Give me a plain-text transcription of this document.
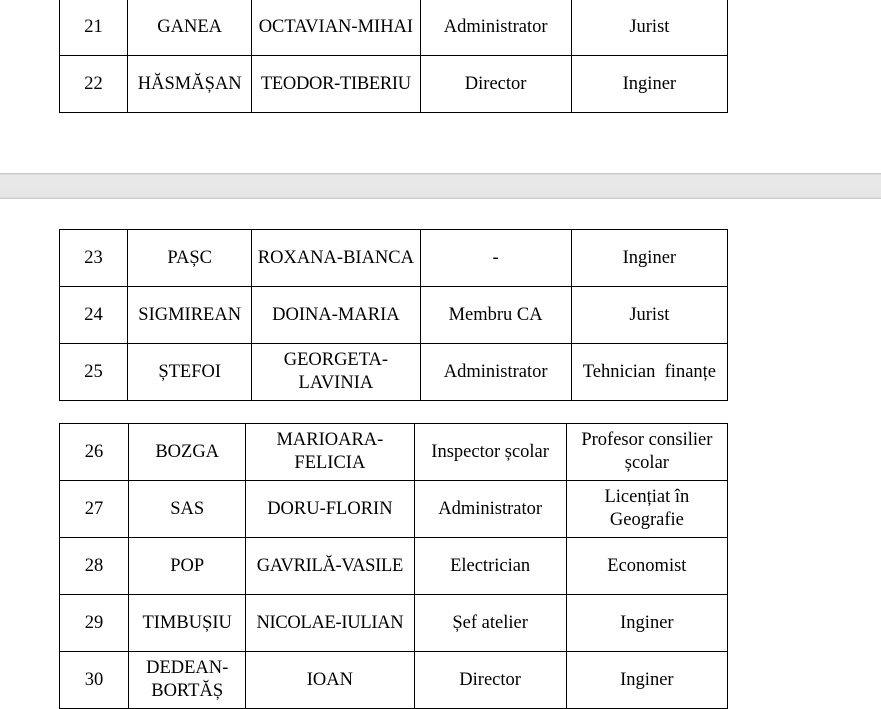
21	GANEA	OCTAVIAN-MIHAI	Administrator	Jurist
22	HĂSMĂȘAN	TEODOR-TIBERIU	Director	Inginer
23	PAȘC	ROXANA-BIANCA	-	Inginer
24	SIGMIREAN	DOINA-MARIA	Membru CA	Jurist
25	ȘTEFOI	GEORGETA-LAVINIA	Administrator	Tehnician  finanțe
26	BOZGA	MARIOARA-FELICIA	Inspector școlar	Profesor consilier școlar
27	SAS	DORU-FLORIN	Administrator	Licențiat în Geografie
28	POP	GAVRILĂ-VASILE	Electrician	Economist
29	TIMBUȘIU	NICOLAE-IULIAN	Șef atelier	Inginer
30	DEDEAN-BORTĂȘ	IOAN	Director	Inginer
